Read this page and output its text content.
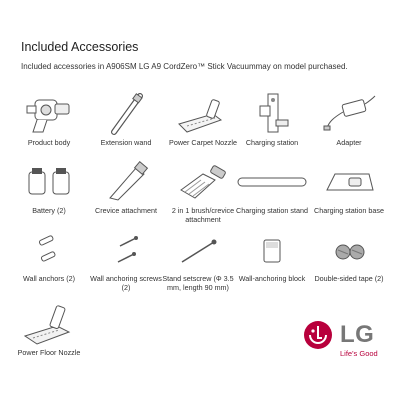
Included Accessories
Included accessories in A906SM LG A9 CordZero™ Stick Vacuummay on model purchased.
Product body	Extension wand	Power Carpet Nozzle	Charging station	Adapter
Battery (2)	Crevice attachment	2 in 1 brush/crevice attachment
Charging station stand Charging station base
Wall anchors (2)	Wall anchoring screws (2)
Stand setscrew (Φ 3.5 mm, length 90 mm)
Wall-anchoring block	Double-sided tape (2)
Power Floor Nozzle
LG
Life's Good
